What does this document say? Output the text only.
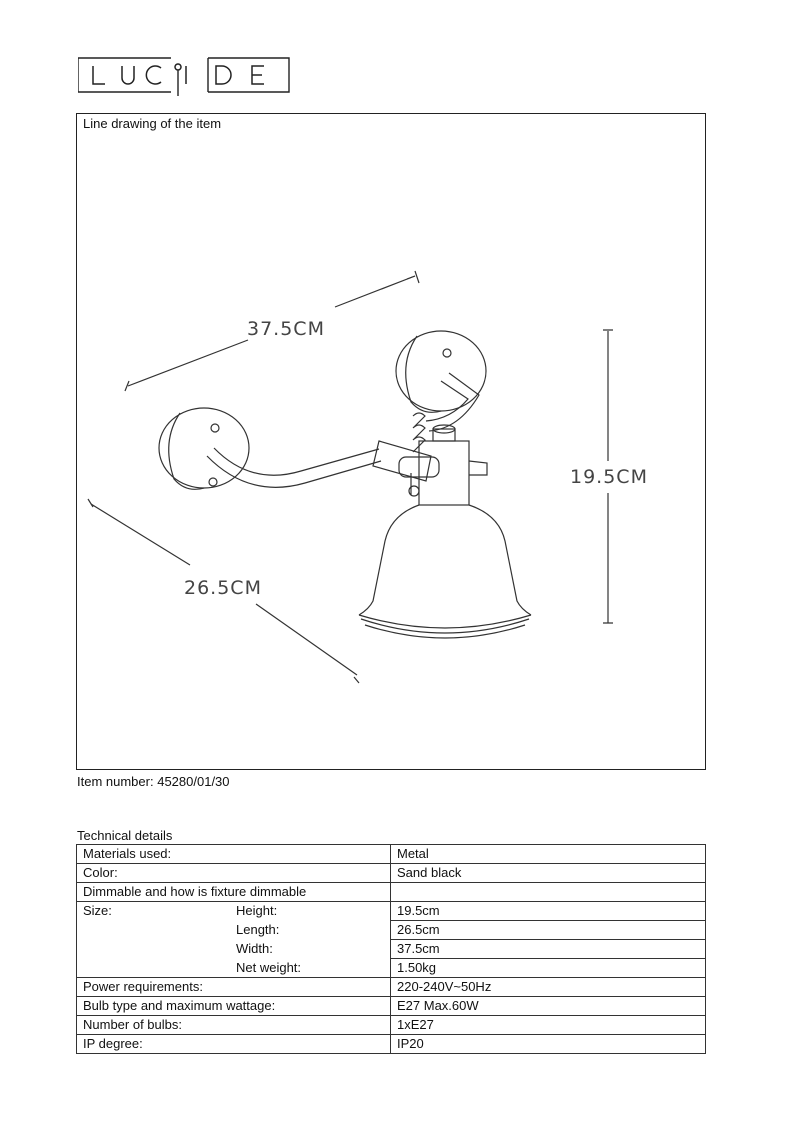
Line drawing of the item
37.5CM
26.5CM
19.5CM
Item number: 45280/01/30
Technical details
Materials used:	Metal
Color:	Sand black
Dimmable and how is fixture dimmable	

Size: Height:	19.5cm

Length:	26.5cm

Width:	37.5cm

Net weight:	1.50kg
Power requirements:	220-240V~50Hz
Bulb type and maximum wattage:	E27 Max.60W
Number of bulbs:	1xE27
IP degree:	IP20
